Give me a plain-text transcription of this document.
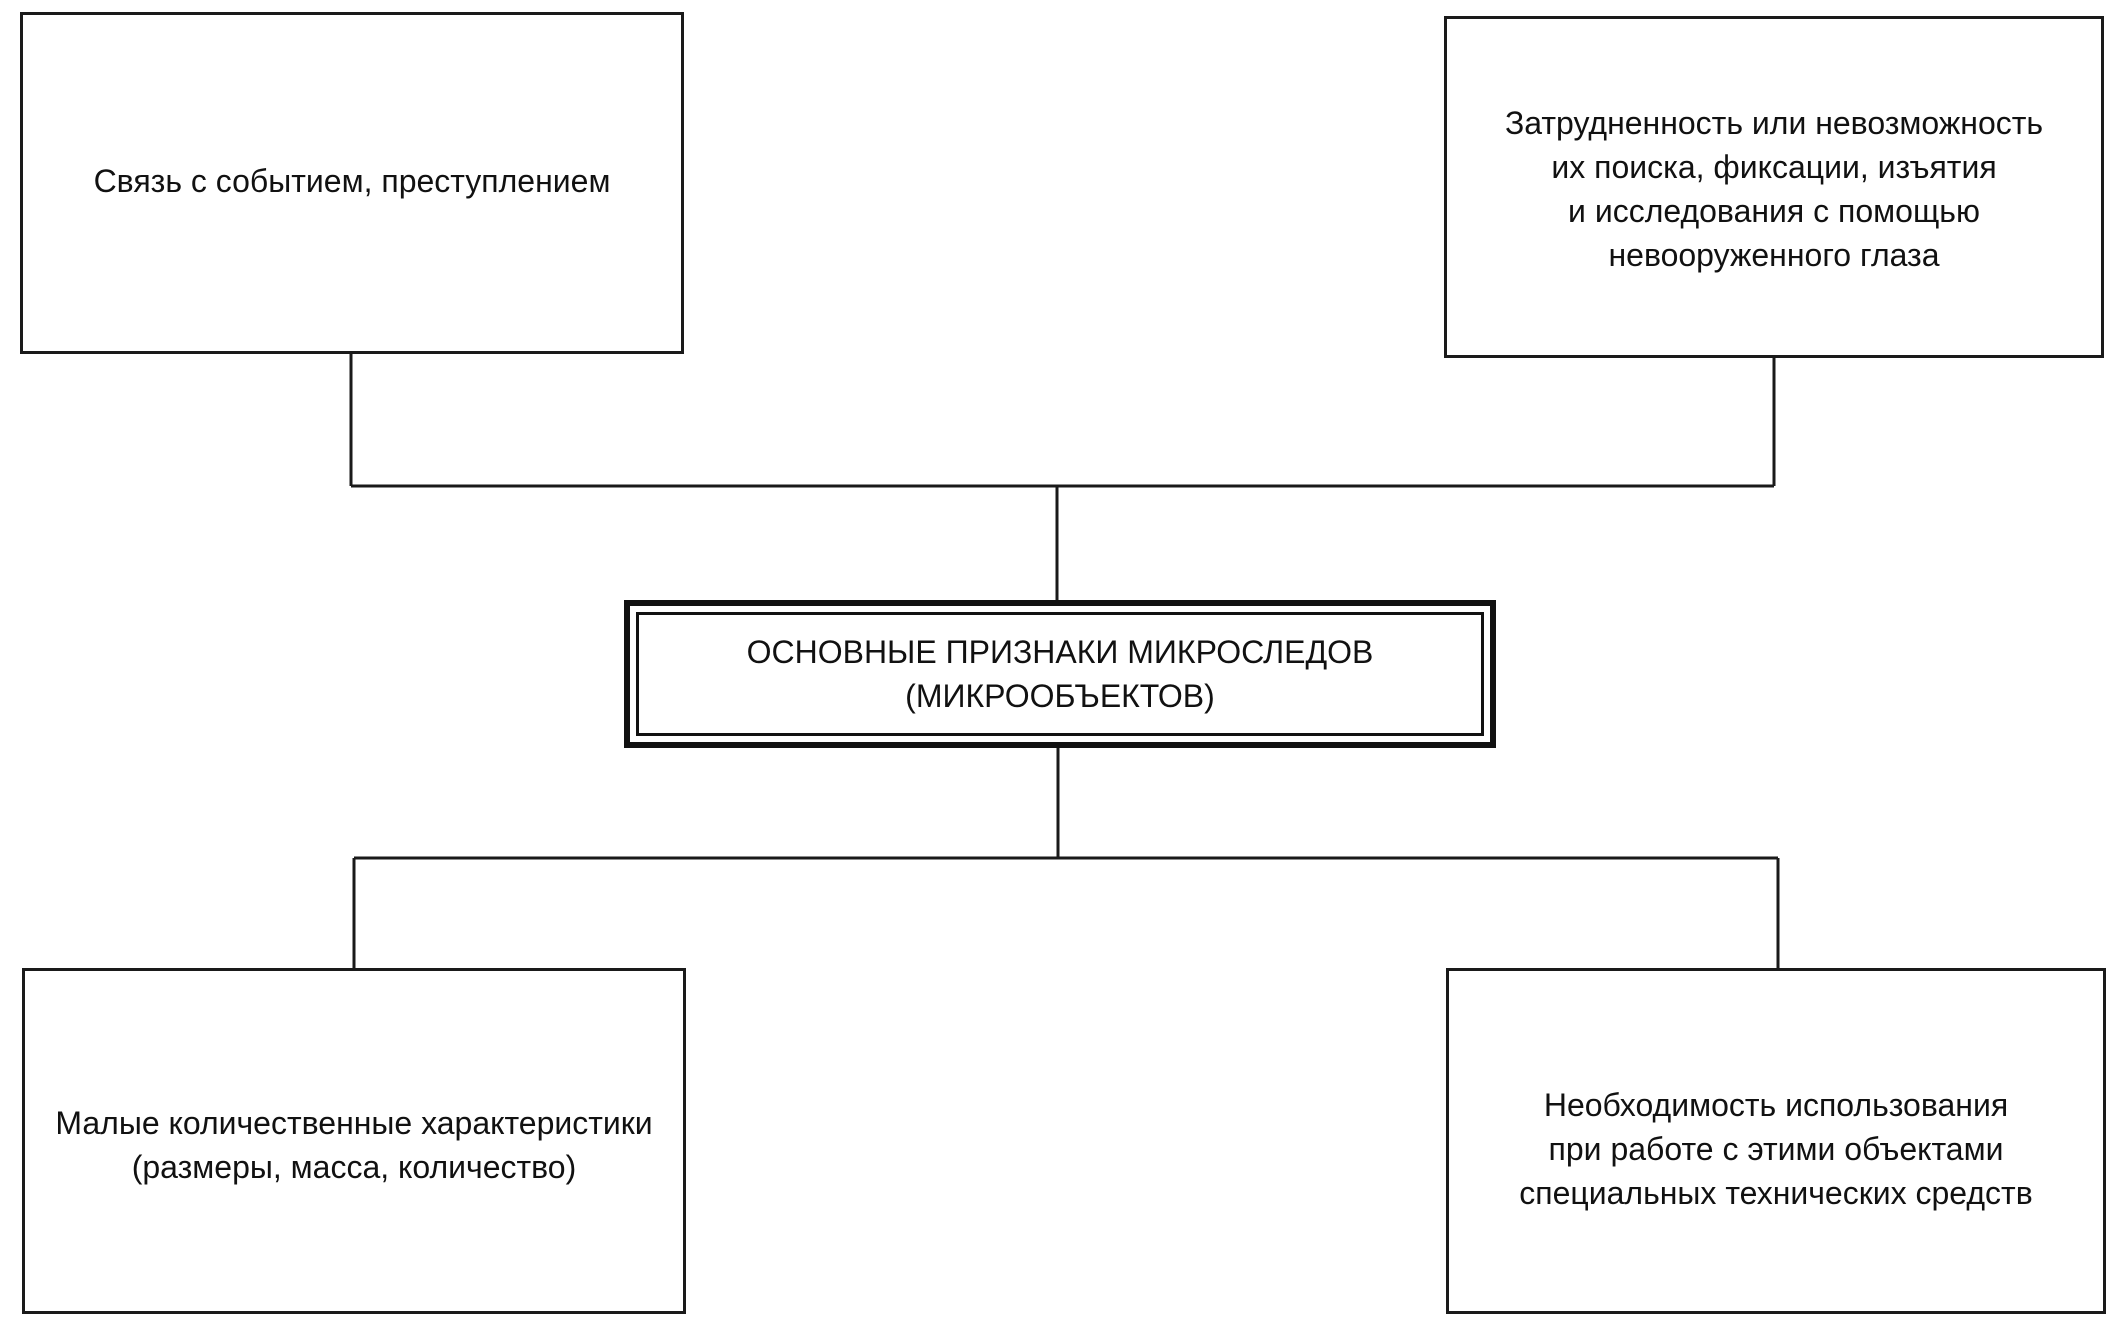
Связь с событием, преступлением
Затрудненность или невозможность
их поиска, фиксации, изъятия
и исследования с помощью
невооруженного глаза
ОСНОВНЫЕ ПРИЗНАКИ МИКРОСЛЕДОВ
(МИКРООБЪЕКТОВ)
Малые количественные характеристики
(размеры, масса, количество)
Необходимость использования
при работе с этими объектами
специальных технических средств
